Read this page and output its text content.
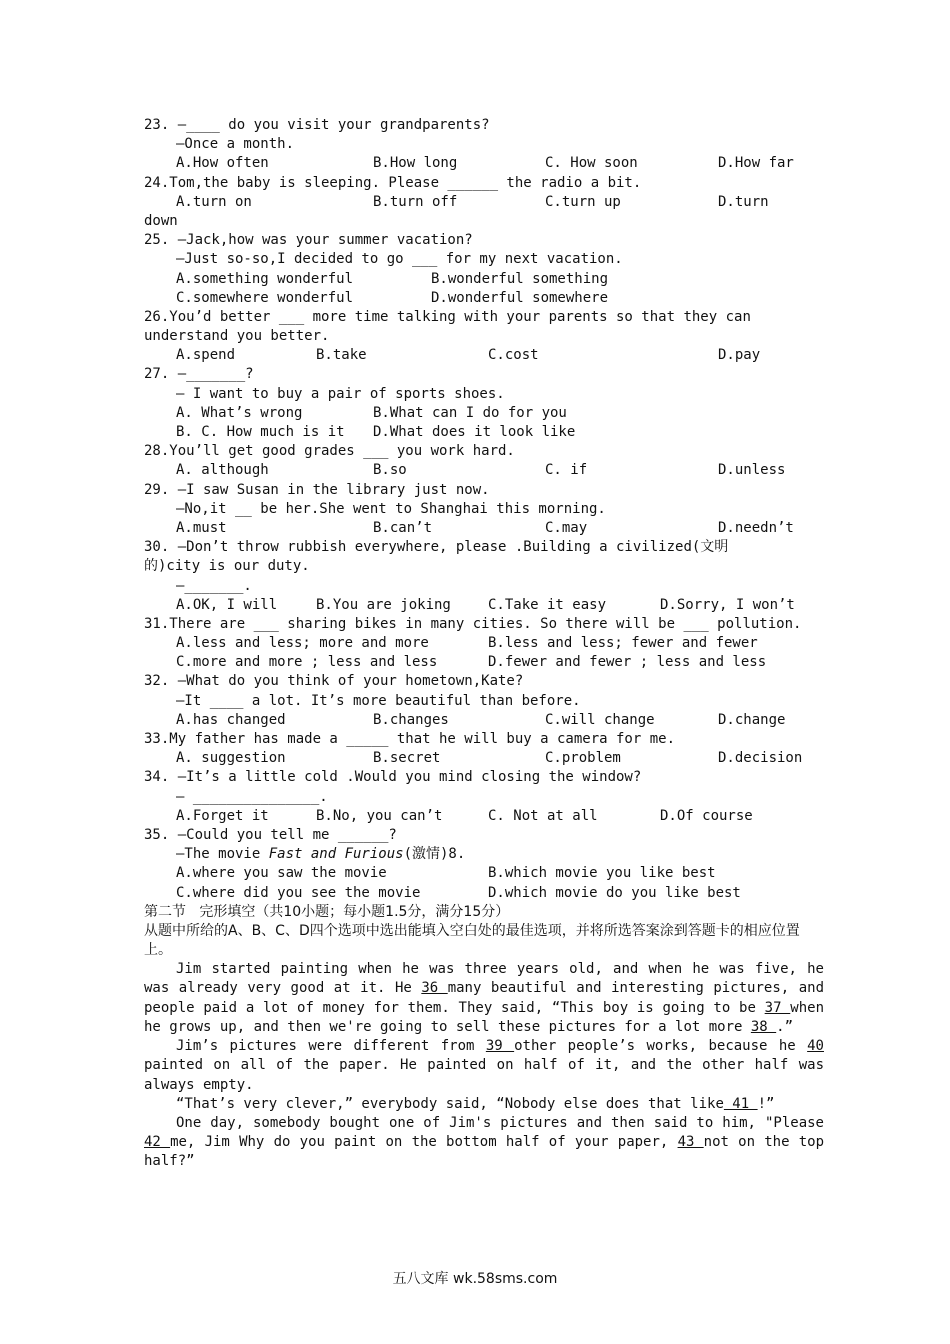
23. —____ do you visit your grandparents?
—Once a month.
A.How often	B.How long	C. How soon	D.How far
24.Tom,the baby is sleeping. Please ______ the radio a bit.
A.turn on	B.turn off	C.turn up	D.turn
down
25. —Jack,how was your summer vacation?
—Just so-so,I decided to go ___ for my next vacation.
A.something wonderful	B.wonderful something
C.somewhere wonderful	D.wonderful somewhere
26.You’d better ___ more time talking with your parents so that they can
understand you better.
A.spend	B.take	C.cost	D.pay
27. —_______?
— I want to buy a pair of sports shoes.
A. What’s wrong	B.What can I do for you
B. C. How much is it D.What does it look like
28.You’ll get good grades ___ you work hard.
A. although	B.so	C. if	D.unless
29. —I saw Susan in the library just now.
—No,it __ be her.She went to Shanghai this morning.
A.must	B.can’t	C.may	D.needn’t
30. —Don’t throw rubbish everywhere, please .Building a civilized(文明
的)city is our duty.
—_______.
A.OK, I will	B.You are joking	C.Take it easy	D.Sorry, I won’t
31.There are ___ sharing bikes in many cities. So there will be ___ pollution.
A.less and less; more and more	B.less and less; fewer and fewer
C.more and more ; less and less	D.fewer and fewer ; less and less
32. —What do you think of your hometown,Kate?
—It ____ a lot. It’s more beautiful than before.
A.has changed	B.changes	C.will change	D.change
33.My father has made a _____ that he will buy a camera for me.
A. suggestion	B.secret	C.problem	D.decision
34. —It’s a little cold .Would you mind closing the window?
— _______________.
A.Forget it	B.No, you can’t	C. Not at all	D.Of course
35. —Could you tell me ______?
—The movie Fast and Furious(激情)8.
A.where you saw the movie	B.which movie you like best
C.where did you see the movie	D.which movie do you like best
第二节   完形填空（共10小题；每小题1.5分，满分15分）
从题中所给的A、B、C、D四个选项中选出能填入空白处的最佳选项，并将所选答案涂到答题卡的相应位置上。
Jim started painting when he was three years old, and when he was five, he was already very good at it. He 36 many beautiful and interesting pictures, and people paid a lot of money for them. They said, “This boy is going to be 37 when he grows up, and then we're going to sell these pictures for a lot more 38 .”
Jim’s pictures were different from 39 other people’s works, because he 40 painted on all of the paper. He painted on half of it, and the other half was always empty.
“That’s very clever,” everybody said, “Nobody else does that like 41 !”
One day, somebody bought one of Jim's pictures and then said to him, "Please 42 me, Jim Why do you paint on the bottom half of your paper, 43 not on the top half?”
五八文库 wk.58sms.com
